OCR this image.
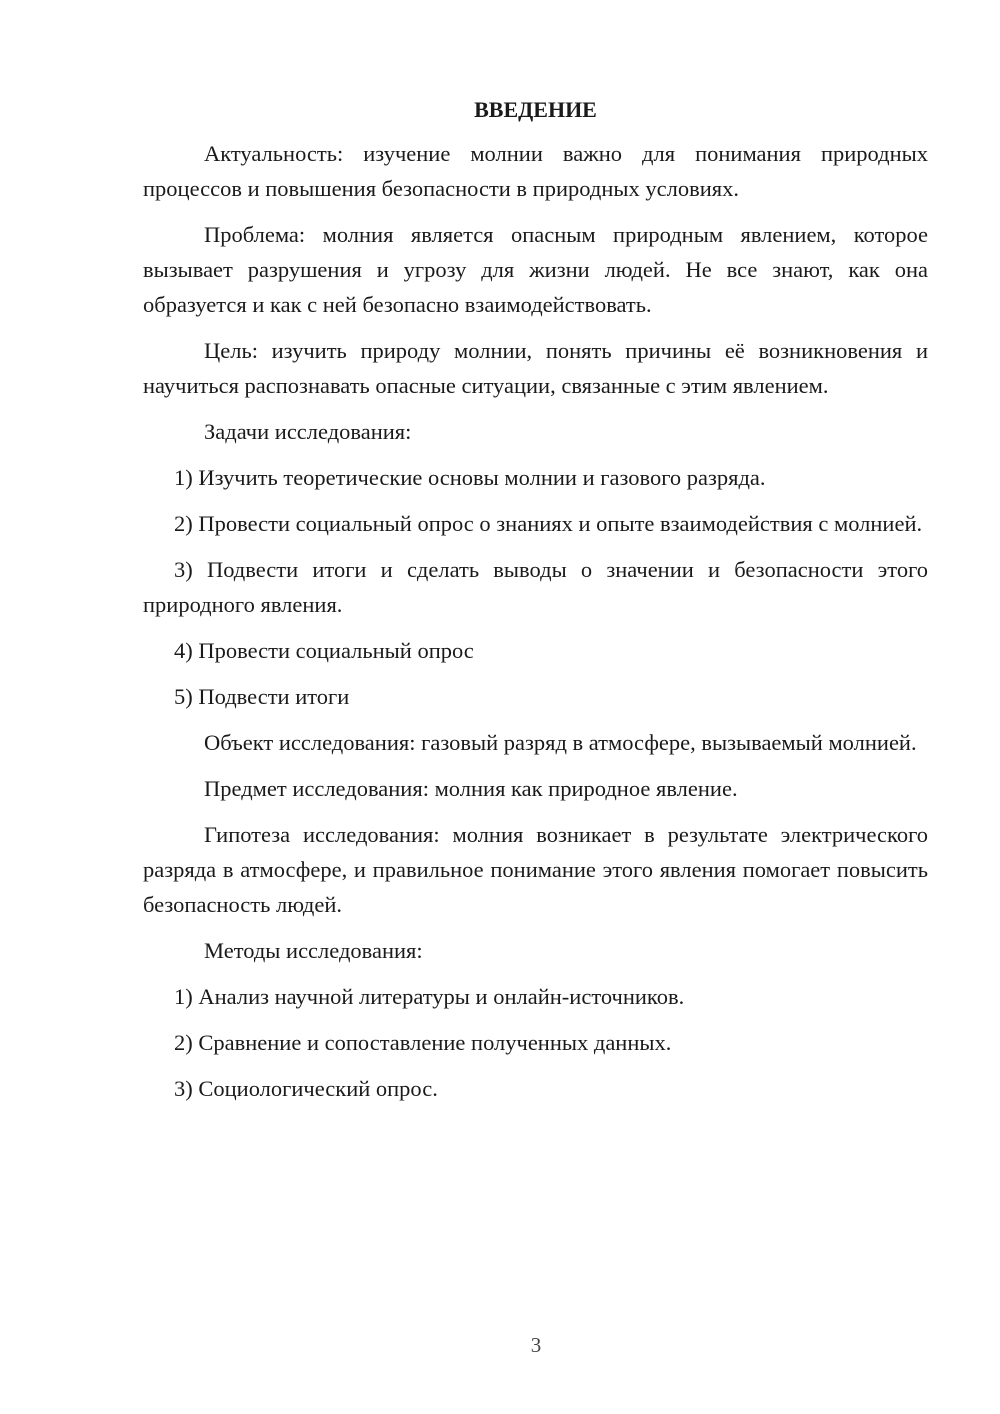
ВВЕДЕНИЕ

Актуальность: изучение молнии важно для понимания природных процессов и повышения безопасности в природных условиях.

Проблема: молния является опасным природным явлением, которое вызывает разрушения и угрозу для жизни людей. Не все знают, как она образуется и как с ней безопасно взаимодействовать.

Цель: изучить природу молнии, понять причины её возникновения и научиться распознавать опасные ситуации, связанные с этим явлением.

Задачи исследования:

1) Изучить теоретические основы молнии и газового разряда.

2) Провести социальный опрос о знаниях и опыте взаимодействия с молнией.

3) Подвести итоги и сделать выводы о значении и безопасности этого природного явления.

4) Провести социальный опрос

5) Подвести итоги

Объект исследования: газовый разряд в атмосфере, вызываемый молнией.

Предмет исследования: молния как природное явление.

Гипотеза исследования: молния возникает в результате электрического разряда в атмосфере, и правильное понимание этого явления помогает повысить безопасность людей.

Методы исследования:

1) Анализ научной литературы и онлайн-источников.

2) Сравнение и сопоставление полученных данных.

3) Социологический опрос.

3
